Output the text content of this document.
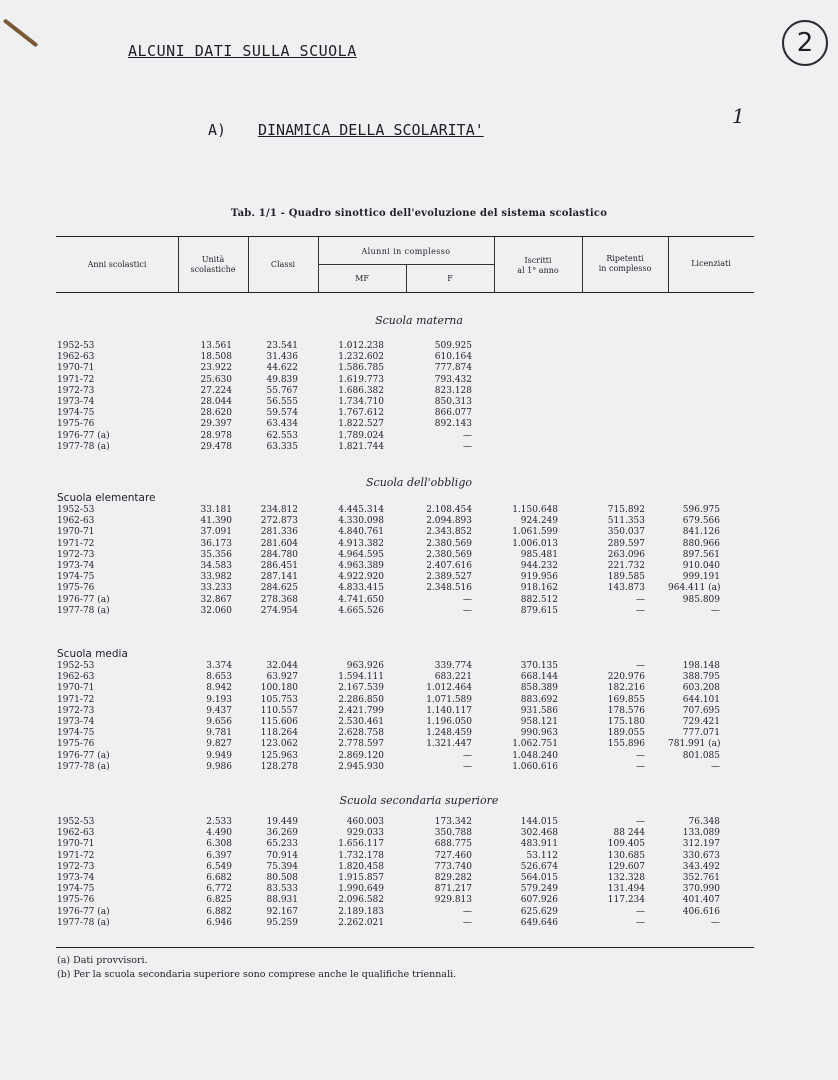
2
ALCUNI DATI SULLA SCUOLA
A) DINAMICA DELLA SCOLARITA'
1
Tab. 1/1 - Quadro sinottico dell'evoluzione del sistema scolastico
Anni scolastici
Unità
scolastiche
Classi
Alunni in complesso
MF	F
Iscritti
al 1° anno
Ripetenti
in complesso
Licenziati
Scuola materna
Scuola dell'obbligo
Scuola elementare
Scuola media
Scuola secondaria superiore
1952-53	13.561	23.541	1.012.238	509.925
1962-63	18.508	31.436	1.232.602	610.164
1970-71	23.922	44.622	1.586.785	777.874
1971-72	25.630	49.839	1.619.773	793.432
1972-73	27.224	55.767	1.686.382	823.128
1973-74	28.044	56.555	1.734.710	850.313
1974-75	28.620	59.574	1.767.612	866.077
1975-76	29.397	63.434	1.822.527	892.143
1976-77 (a)	28.978	62.553	1.789.024	—
1977-78 (a)	29.478	63.335	1.821.744	—
1952-53	33.181	234.812	4.445.314	2.108.454	1.150.648	715.892	596.975
1962-63	41.390	272.873	4.330.098	2.094.893	924.249	511.353	679.566
1970-71	37.091	281.336	4.840.761	2.343.852	1.061.599	350.037	841.126
1971-72	36.173	281.604	4.913.382	2.380.569	1.006.013	289.597	880.966
1972-73	35.356	284.780	4.964.595	2.380.569	985.481	263.096	897.561
1973-74	34.583	286.451	4.963.389	2.407.616	944.232	221.732	910.040
1974-75	33.982	287.141	4.922.920	2.389.527	919.956	189.585	999.191
1975-76	33.233	284.625	4.833.415	2.348.516	918.162	143.873	964.411 (a)
1976-77 (a)	32.867	278.368	4.741.650	—	882.512	—	985.809
1977-78 (a)	32.060	274.954	4.665.526	—	879.615	—	—
1952-53	3.374	32.044	963.926	339.774	370.135	—	198.148
1962-63	8.653	63.927	1.594.111	683.221	668.144	220.976	388.795
1970-71	8.942	100.180	2.167.539	1.012.464	858.389	182.216	603.208
1971-72	9.193	105.753	2.286.850	1.071.589	883.692	169.855	644.101
1972-73	9.437	110.557	2.421.799	1.140.117	931.586	178.576	707.695
1973-74	9.656	115.606	2.530.461	1.196.050	958.121	175.180	729.421
1974-75	9.781	118.264	2.628.758	1.248.459	990.963	189.055	777.071
1975-76	9.827	123.062	2.778.597	1.321.447	1.062.751	155.896	781.991 (a)
1976-77 (a)	9.949	125.963	2.869.120	—	1.048.240	—	801.085
1977-78 (a)	9.986	128.278	2.945.930	—	1.060.616	—	—
1952-53	2.533	19.449	460.003	173.342	144.015	—	76.348
1962-63	4.490	36.269	929.033	350.788	302.468	88 244	133.089
1970-71	6.308	65.233	1.656.117	688.775	483.911	109.405	312.197
1971-72	6.397	70.914	1.732.178	727.460	53.112	130.685	330.673
1972-73	6.549	75.394	1.820.458	773.740	526.674	129.607	343.492
1973-74	6.682	80.508	1.915.857	829.282	564.015	132.328	352.761
1974-75	6.772	83.533	1.990.649	871.217	579.249	131.494	370.990
1975-76	6.825	88.931	2.096.582	929.813	607.926	117.234	401.407
1976-77 (a)	6.882	92.167	2.189.183	—	625.629	—	406.616
1977-78 (a)	6.946	95.259	2.262.021	—	649.646	—	—
(a) Dati provvisori.
(b) Per la scuola secondaria superiore sono comprese anche le qualifiche triennali.
